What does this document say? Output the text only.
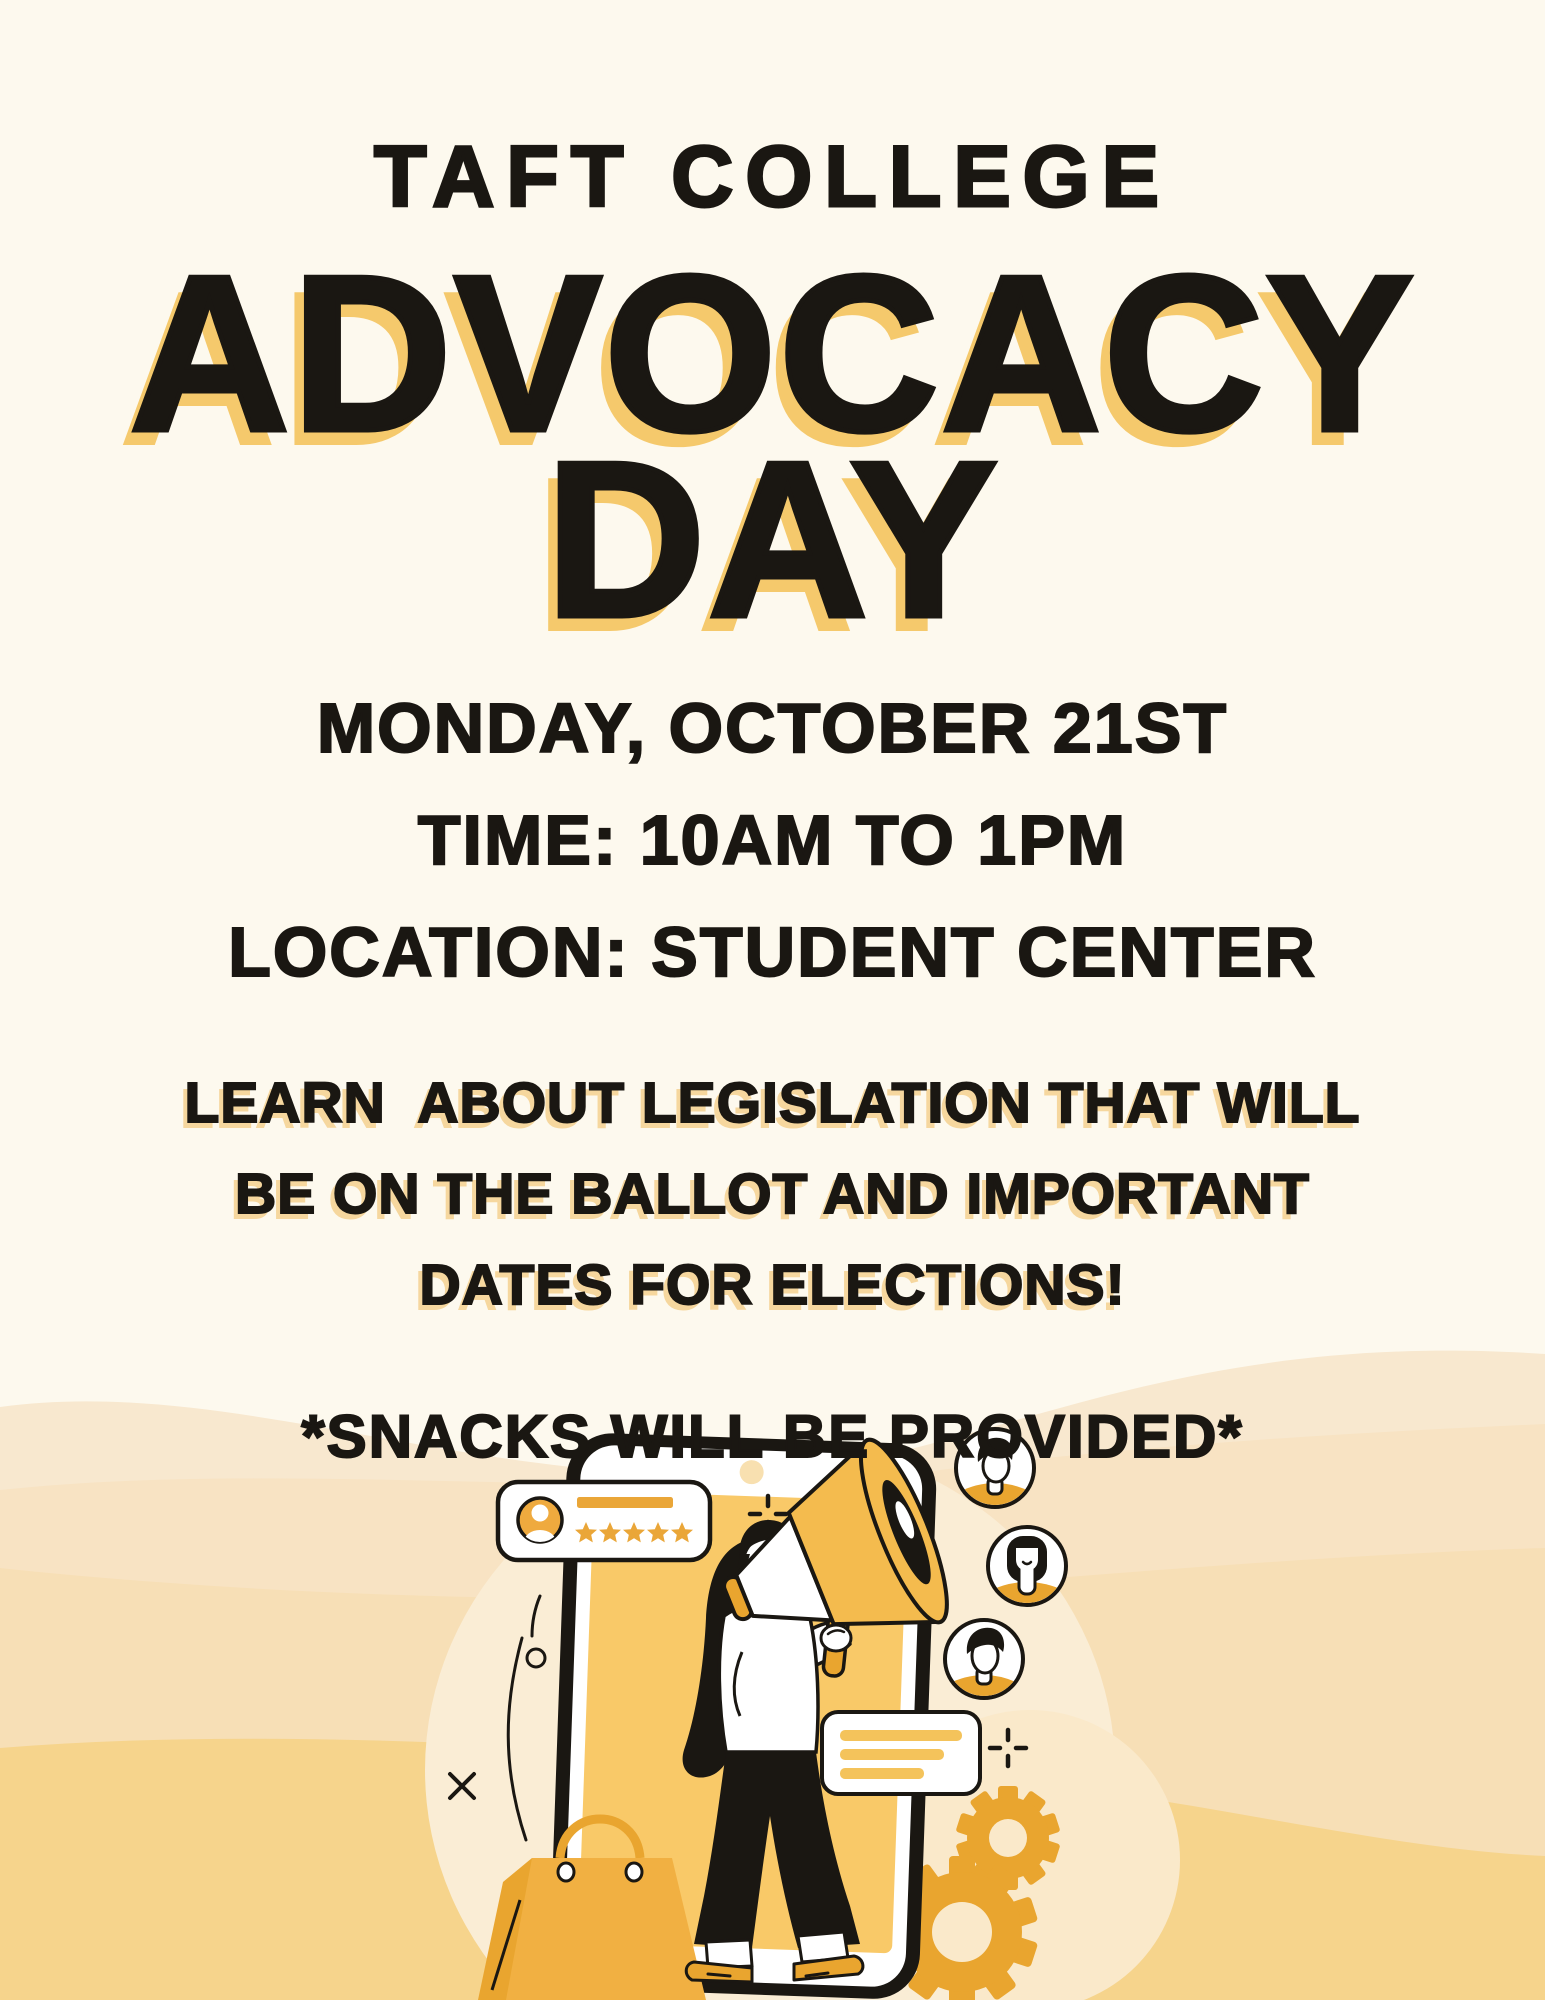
TAFT COLLEGE
ADVOCACY
DAY
MONDAY, OCTOBER 21ST
TIME: 10AM TO 1PM
LOCATION: STUDENT CENTER
LEARN  ABOUT LEGISLATION THAT WILL
BE ON THE BALLOT AND IMPORTANT
DATES FOR ELECTIONS!
*SNACKS WILL BE PROVIDED*
